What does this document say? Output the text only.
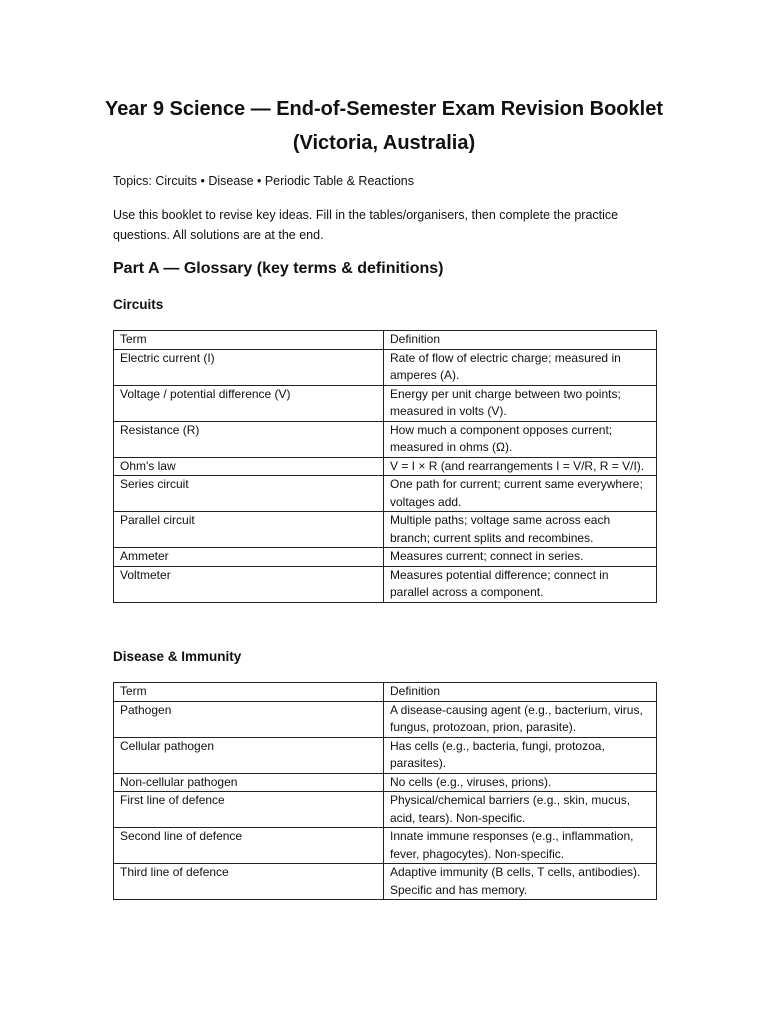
Year 9 Science — End-of-Semester Exam Revision Booklet
(Victoria, Australia)

Topics: Circuits • Disease • Periodic Table & Reactions

Use this booklet to revise key ideas. Fill in the tables/organisers, then complete the practice questions. All solutions are at the end.

Part A — Glossary (key terms & definitions)
Circuits
Term	Definition
Electric current (I)	Rate of flow of electric charge; measured in amperes (A).
Voltage / potential difference (V)	Energy per unit charge between two points; measured in volts (V).
Resistance (R)	How much a component opposes current; measured in ohms (Ω).
Ohm's law	V = I × R (and rearrangements I = V/R, R = V/I).
Series circuit	One path for current; current same everywhere; voltages add.
Parallel circuit	Multiple paths; voltage same across each branch; current splits and recombines.
Ammeter	Measures current; connect in series.
Voltmeter	Measures potential difference; connect in parallel across a component.
Disease & Immunity
Term	Definition
Pathogen	A disease-causing agent (e.g., bacterium, virus, fungus, protozoan, prion, parasite).
Cellular pathogen	Has cells (e.g., bacteria, fungi, protozoa, parasites).
Non-cellular pathogen	No cells (e.g., viruses, prions).
First line of defence	Physical/chemical barriers (e.g., skin, mucus, acid, tears). Non-specific.
Second line of defence	Innate immune responses (e.g., inflammation, fever, phagocytes). Non-specific.
Third line of defence	Adaptive immunity (B cells, T cells, antibodies). Specific and has memory.
